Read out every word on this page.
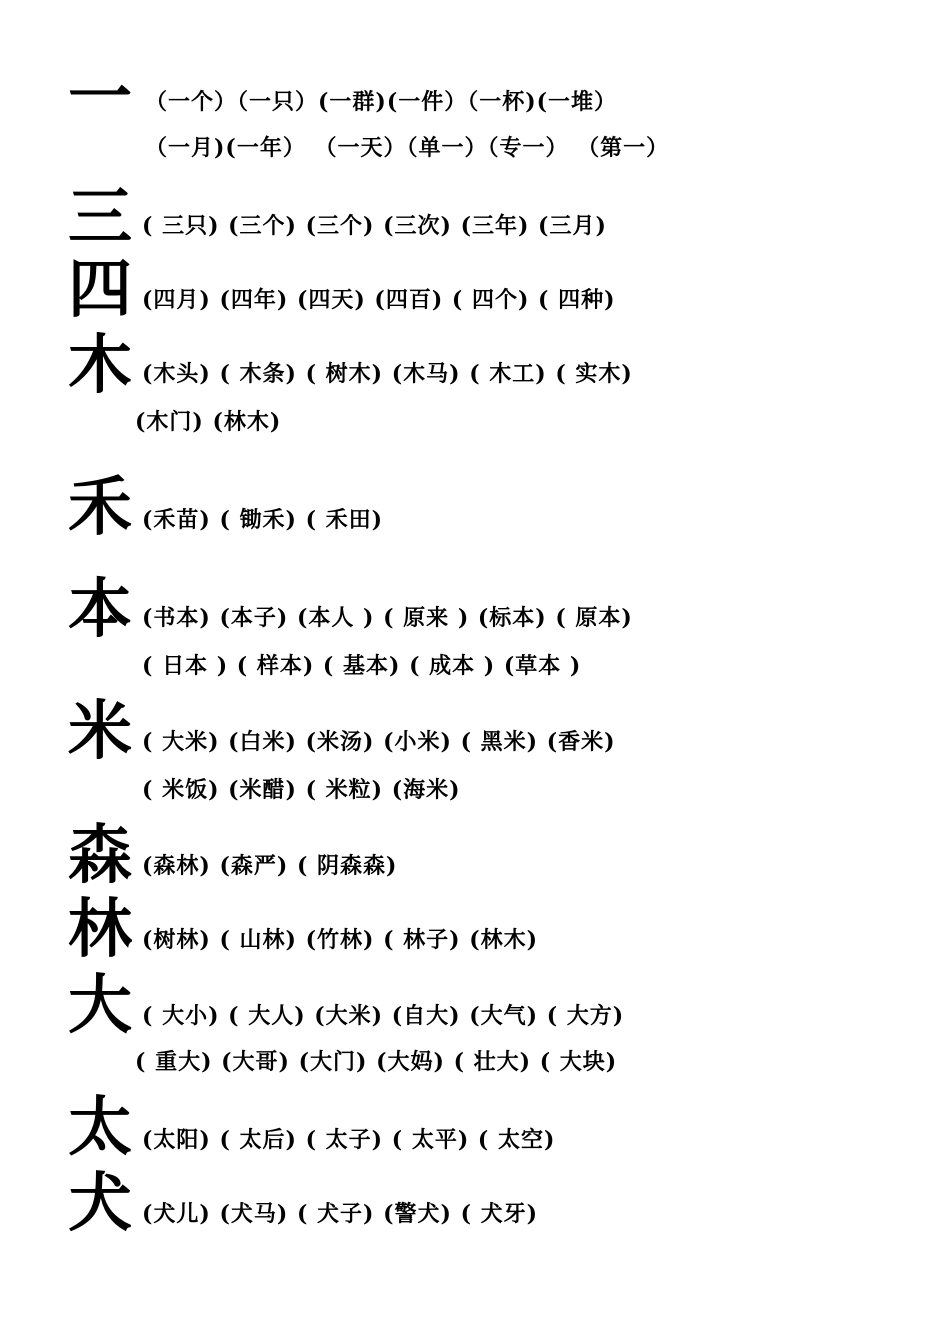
一 （一个）（一只）(一群)(一件）（一杯)(一堆）
（一月)(一年） （一天）（单一）（专一） （第一）
三 ( 三只) (三个) (三个) (三次) (三年) (三月)
四 (四月) (四年) (四天) (四百) ( 四个) ( 四种)
木 (木头) ( 木条) ( 树木) (木马) ( 木工) ( 实木)
(木门) (林木)
禾 (禾苗) ( 锄禾) ( 禾田)
本 (书本) (本子) (本人 ) ( 原来 ) (标本) ( 原本)
( 日本 ) ( 样本) ( 基本) ( 成本 ) (草本 )
米 ( 大米) (白米) (米汤) (小米) ( 黑米) (香米)
( 米饭) (米醋) ( 米粒) (海米)
森 (森林) (森严) ( 阴森森)
林 (树林) ( 山林) (竹林) ( 林子) (林木)
大 ( 大小) ( 大人) (大米) (自大) (大气) ( 大方)
( 重大) (大哥) (大门) (大妈) ( 壮大) ( 大块)
太 (太阳) ( 太后) ( 太子) ( 太平) ( 太空)
犬 (犬儿) (犬马) ( 犬子) (警犬) ( 犬牙)
